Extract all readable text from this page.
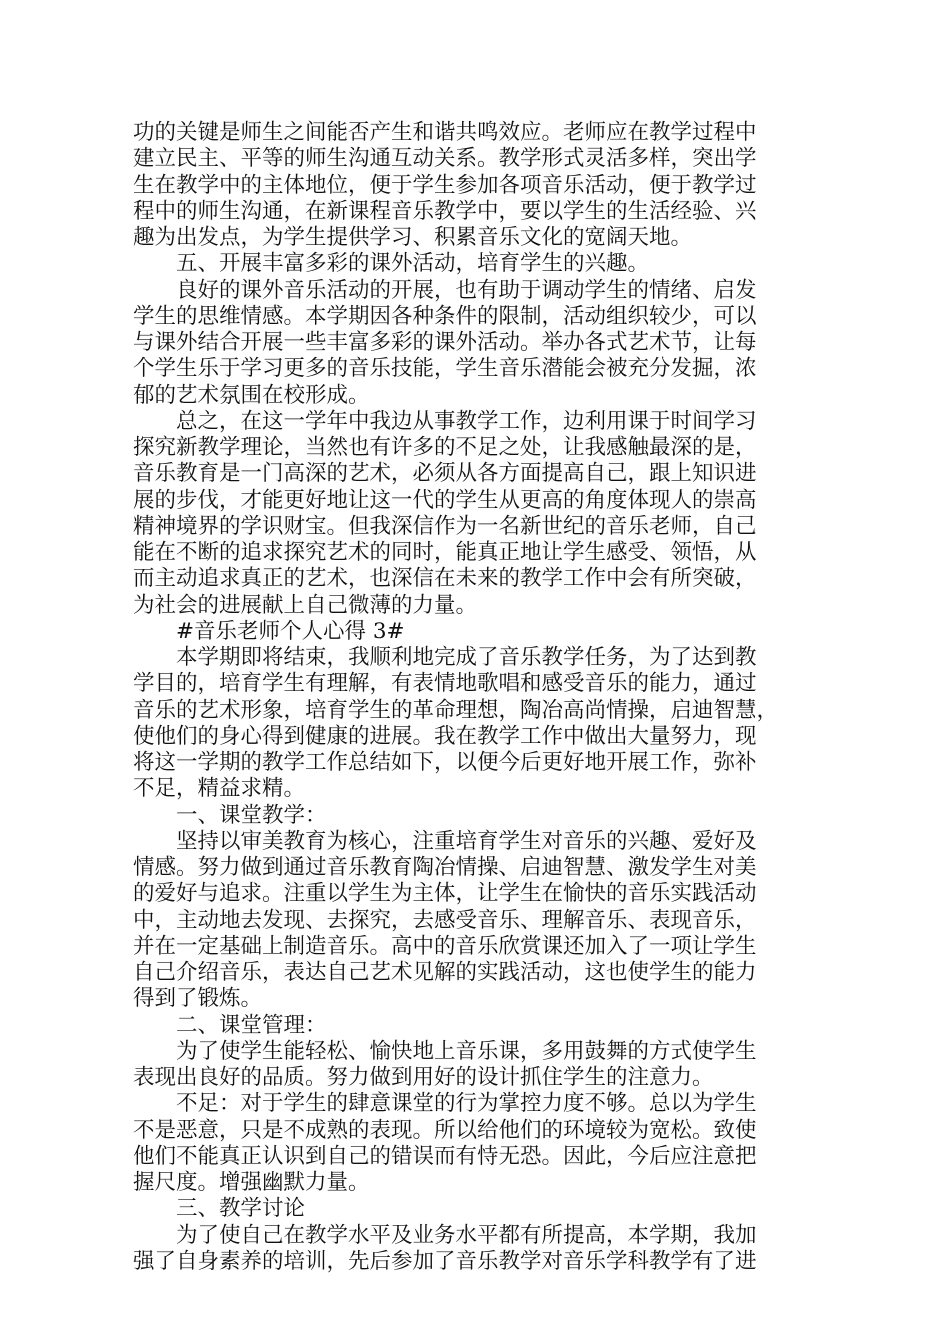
功的关键是师生之间能否产生和谐共鸣效应。老师应在教学过程中
建立民主、平等的师生沟通互动关系。教学形式灵活多样，突出学
生在教学中的主体地位，便于学生参加各项音乐活动，便于教学过
程中的师生沟通，在新课程音乐教学中，要以学生的生活经验、兴
趣为出发点，为学生提供学习、积累音乐文化的宽阔天地。
　　五、开展丰富多彩的课外活动，培育学生的兴趣。
　　良好的课外音乐活动的开展，也有助于调动学生的情绪、启发
学生的思维情感。本学期因各种条件的限制，活动组织较少，可以
与课外结合开展一些丰富多彩的课外活动。举办各式艺术节，让每
个学生乐于学习更多的音乐技能，学生音乐潜能会被充分发掘，浓
郁的艺术氛围在校形成。
　　总之，在这一学年中我边从事教学工作，边利用课于时间学习
探究新教学理论，当然也有许多的不足之处，让我感触最深的是，
音乐教育是一门高深的艺术，必须从各方面提高自己，跟上知识进
展的步伐，才能更好地让这一代的学生从更高的角度体现人的崇高
精神境界的学识财宝。但我深信作为一名新世纪的音乐老师，自己
能在不断的追求探究艺术的同时，能真正地让学生感受、领悟，从
而主动追求真正的艺术，也深信在未来的教学工作中会有所突破，
为社会的进展献上自己微薄的力量。
　　#音乐老师个人心得 3#
　　本学期即将结束，我顺利地完成了音乐教学任务，为了达到教
学目的，培育学生有理解，有表情地歌唱和感受音乐的能力，通过
音乐的艺术形象，培育学生的革命理想，陶冶高尚情操，启迪智慧，
使他们的身心得到健康的进展。我在教学工作中做出大量努力，现
将这一学期的教学工作总结如下，以便今后更好地开展工作，弥补
不足，精益求精。
　　一、课堂教学：
　　坚持以审美教育为核心，注重培育学生对音乐的兴趣、爱好及
情感。努力做到通过音乐教育陶冶情操、启迪智慧、激发学生对美
的爱好与追求。注重以学生为主体，让学生在愉快的音乐实践活动
中，主动地去发现、去探究，去感受音乐、理解音乐、表现音乐，
并在一定基础上制造音乐。高中的音乐欣赏课还加入了一项让学生
自己介绍音乐，表达自己艺术见解的实践活动，这也使学生的能力
得到了锻炼。
　　二、课堂管理：
　　为了使学生能轻松、愉快地上音乐课，多用鼓舞的方式使学生
表现出良好的品质。努力做到用好的设计抓住学生的注意力。
　　不足：对于学生的肆意课堂的行为掌控力度不够。总以为学生
不是恶意，只是不成熟的表现。所以给他们的环境较为宽松。致使
他们不能真正认识到自己的错误而有恃无恐。因此，今后应注意把
握尺度。增强幽默力量。
　　三、教学讨论
　　为了使自己在教学水平及业务水平都有所提高，本学期，我加
强了自身素养的培训，先后参加了音乐教学对音乐学科教学有了进
